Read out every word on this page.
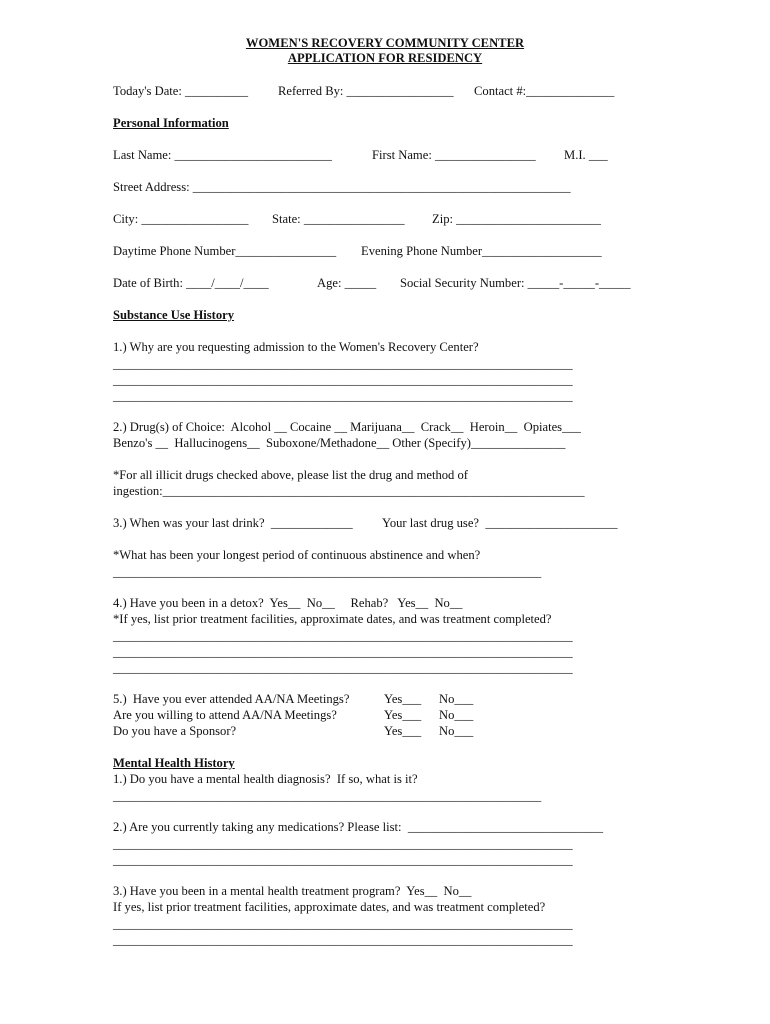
WOMEN'S RECOVERY COMMUNITY CENTER
APPLICATION FOR RESIDENCY
Today's Date: __________ Referred By: _________________ Contact #:______________
Personal Information
Last Name: _________________________	First Name: ________________ M.I. ___
Street Address: ____________________________________________________________
City: _________________ State: ________________ Zip: _______________________
Daytime Phone Number________________ Evening Phone Number___________________
Date of Birth: ____/____/____	Age: _____ Social Security Number: _____-_____-_____
Substance Use History
1.) Why are you requesting admission to the Women's Recovery Center?
_________________________________________________________________________
_________________________________________________________________________
_________________________________________________________________________
2.) Drug(s) of Choice:  Alcohol __ Cocaine __ Marijuana__  Crack__  Heroin__  Opiates___
Benzo's __  Hallucinogens__  Suboxone/Methadone__ Other (Specify)_______________
*For all illicit drugs checked above, please list the drug and method of
ingestion:___________________________________________________________________
3.) When was your last drink?  _____________ Your last drug use?  _____________________
*What has been your longest period of continuous abstinence and when?
____________________________________________________________________
4.) Have you been in a detox?  Yes__  No__     Rehab?   Yes__  No__
*If yes, list prior treatment facilities, approximate dates, and was treatment completed?
_________________________________________________________________________
_________________________________________________________________________
_________________________________________________________________________
5.)  Have you ever attended AA/NA Meetings?	Yes___ No___
Are you willing to attend AA/NA Meetings?	Yes___ No___
Do you have a Sponsor?	Yes___ No___
Mental Health History
1.) Do you have a mental health diagnosis?  If so, what is it?
____________________________________________________________________
2.) Are you currently taking any medications? Please list:  _______________________________
_________________________________________________________________________
_________________________________________________________________________
3.) Have you been in a mental health treatment program?  Yes__  No__
If yes, list prior treatment facilities, approximate dates, and was treatment completed?
_________________________________________________________________________
_________________________________________________________________________
